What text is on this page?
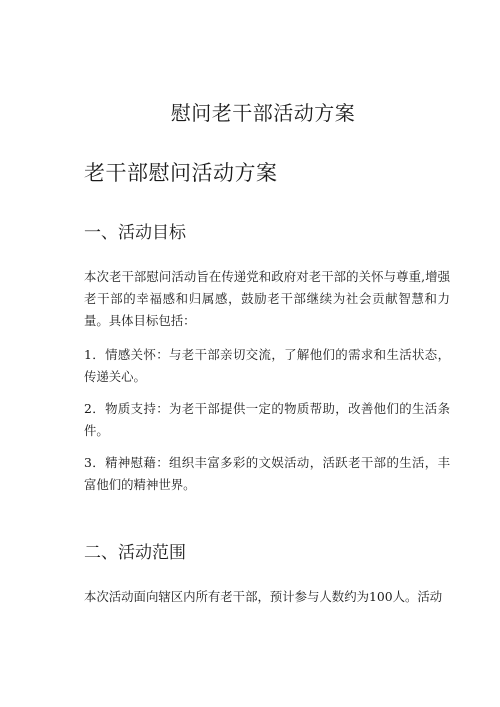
慰问老干部活动方案
老干部慰问活动方案
一、活动目标

本次老干部慰问活动旨在传递党和政府对老干部的关怀与尊重,增强老干部的幸福感和归属感，鼓励老干部继续为社会贡献智慧和力量。具体目标包括：

1．情感关怀：与老干部亲切交流，了解他们的需求和生活状态，传递关心。

2．物质支持：为老干部提供一定的物质帮助，改善他们的生活条件。

3．精神慰藉：组织丰富多彩的文娱活动，活跃老干部的生活，丰富他们的精神世界。

二、活动范围

本次活动面向辖区内所有老干部，预计参与人数约为100人。活动
